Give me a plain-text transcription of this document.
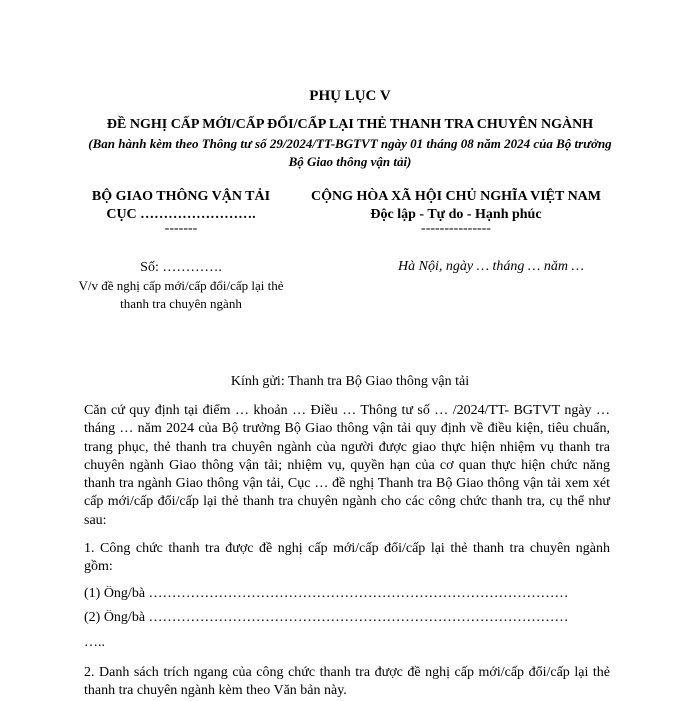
PHỤ LỤC V
ĐỀ NGHỊ CẤP MỚI/CẤP ĐỔI/CẤP LẠI THẺ THANH TRA CHUYÊN NGÀNH
(Ban hành kèm theo Thông tư số 29/2024/TT-BGTVT ngày 01 tháng 08 năm 2024 của Bộ trưởng Bộ Giao thông vận tải)
BỘ GIAO THÔNG VẬN TẢI
CỤC …………………….
-------
CỘNG HÒA XÃ HỘI CHỦ NGHĨA VIỆT NAM
Độc lập - Tự do - Hạnh phúc
---------------
Số: ………….	Hà Nội, ngày … tháng … năm …
V/v đề nghị cấp mới/cấp đổi/cấp lại thẻ thanh tra chuyên ngành
Kính gửi: Thanh tra Bộ Giao thông vận tải
Căn cứ quy định tại điểm … khoản … Điều … Thông tư số … /2024/TT- BGTVT ngày … tháng … năm 2024 của Bộ trưởng Bộ Giao thông vận tải quy định về điều kiện, tiêu chuẩn, trang phục, thẻ thanh tra chuyên ngành của người được giao thực hiện nhiệm vụ thanh tra chuyên ngành Giao thông vận tải; nhiệm vụ, quyền hạn của cơ quan thực hiện chức năng thanh tra ngành Giao thông vận tải, Cục … đề nghị Thanh tra Bộ Giao thông vận tải xem xét cấp mới/cấp đổi/cấp lại thẻ thanh tra chuyên ngành cho các công chức thanh tra, cụ thể như sau:
1. Công chức thanh tra được đề nghị cấp mới/cấp đổi/cấp lại thẻ thanh tra chuyên ngành gồm:
(1) Ông/bà ………………………………………………………………………………
(2) Ông/bà ………………………………………………………………………………
…..
2. Danh sách trích ngang của công chức thanh tra được đề nghị cấp mới/cấp đổi/cấp lại thẻ thanh tra chuyên ngành kèm theo Văn bản này.
